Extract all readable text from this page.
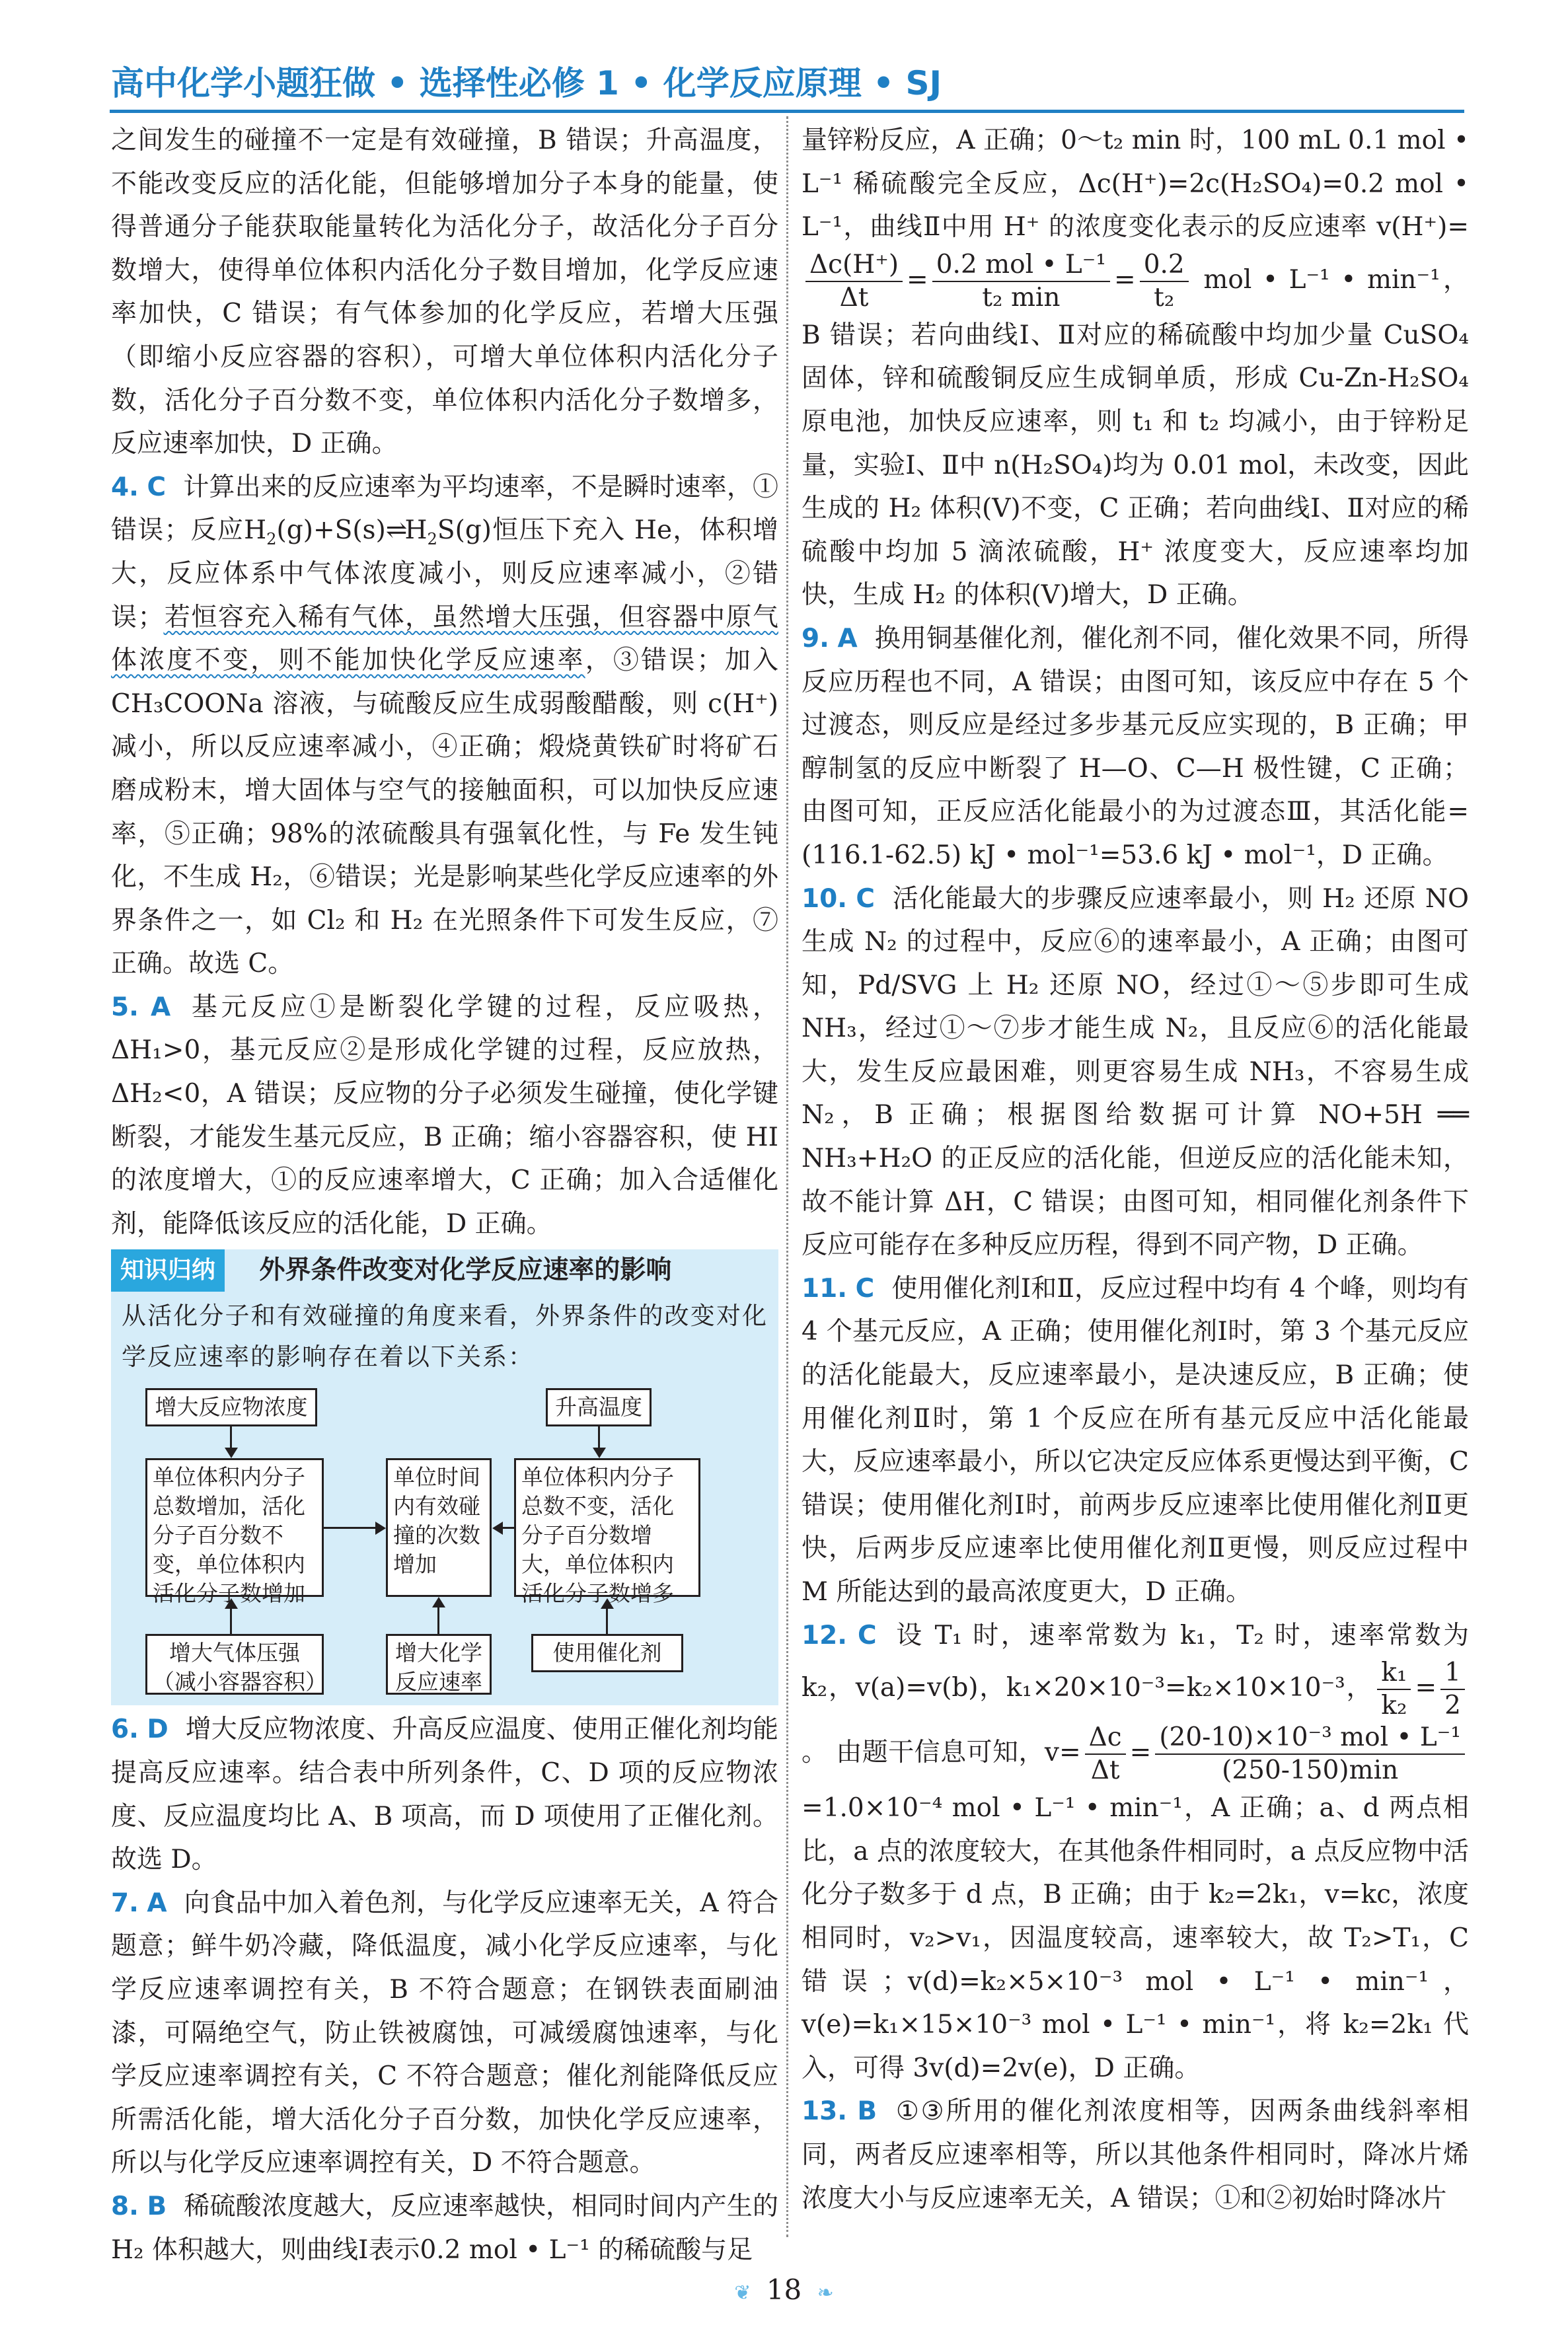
高中化学小题狂做 • 选择性必修 1 • 化学反应原理 • SJ

之间发生的碰撞不一定是有效碰撞，B 错误；升高温度，不能改变反应的活化能，但能够增加分子本身的能量，使得普通分子能获取能量转化为活化分子，故活化分子百分数增大，使得单位体积内活化分子数目增加，化学反应速率加快，C 错误；有气体参加的化学反应，若增大压强（即缩小反应容器的容积），可增大单位体积内活化分子数，活化分子百分数不变，单位体积内活化分子数增多，反应速率加快，D 正确。

4. C 计算出来的反应速率为平均速率，不是瞬时速率，①错误；反应$H_2(g)+S(s)\rightleftharpoons H_2S(g)$恒压下充入 He，体积增大，反应体系中气体浓度减小，则反应速率减小，②错误；若恒容充入稀有气体，虽然增大压强，但容器中原气体浓度不变，则不能加快化学反应速率，③错误；加入 CH₃COONa 溶液，与硫酸反应生成弱酸醋酸，则 c(H⁺)减小，所以反应速率减小，④正确；煅烧黄铁矿时将矿石磨成粉末，增大固体与空气的接触面积，可以加快反应速率，⑤正确；98%的浓硫酸具有强氧化性，与 Fe 发生钝化，不生成 H₂，⑥错误；光是影响某些化学反应速率的外界条件之一，如 Cl₂ 和 H₂ 在光照条件下可发生反应，⑦正确。故选 C。

5. A 基元反应①是断裂化学键的过程，反应吸热，ΔH₁>0，基元反应②是形成化学键的过程，反应放热，ΔH₂<0，A 错误；反应物的分子必须发生碰撞，使化学键断裂，才能发生基元反应，B 正确；缩小容器容积，使 HI 的浓度增大，①的反应速率增大，C 正确；加入合适催化剂，能降低该反应的活化能，D 正确。

知识归纳 外界条件改变对化学反应速率的影响
从活化分子和有效碰撞的角度来看，外界条件的改变对化学反应速率的影响存在着以下关系：
增大反应物浓度	升高温度
单位体积内分子总数增加，活化分子百分数不变，单位体积内活化分子数增加
单位时间内有效碰撞的次数增加
单位体积内分子总数不变，活化分子百分数增大，单位体积内活化分子数增多
增大气体压强（减小容器容积）
增大化学反应速率
使用催化剂

6. D 增大反应物浓度、升高反应温度、使用正催化剂均能提高反应速率。结合表中所列条件，C、D 项的反应物浓度、反应温度均比 A、B 项高，而 D 项使用了正催化剂。故选 D。

7. A 向食品中加入着色剂，与化学反应速率无关，A 符合题意；鲜牛奶冷藏，降低温度，减小化学反应速率，与化学反应速率调控有关，B 不符合题意；在钢铁表面刷油漆，可隔绝空气，防止铁被腐蚀，可减缓腐蚀速率，与化学反应速率调控有关，C 不符合题意；催化剂能降低反应所需活化能，增大活化分子百分数，加快化学反应速率，所以与化学反应速率调控有关，D 不符合题意。

8. B 稀硫酸浓度越大，反应速率越快，相同时间内产生的 H₂ 体积越大，则曲线Ⅰ表示0.2 mol • L⁻¹ 的稀硫酸与足

量锌粉反应，A 正确；0～t₂ min 时，100 mL 0.1 mol • L⁻¹ 稀硫酸完全反应，Δc(H⁺)=2c(H₂SO₄)=0.2 mol • L⁻¹，曲线Ⅱ中用 H⁺ 的浓度变化表示的反应速率 v(H⁺)=
$\frac{\Delta c(H^+)}{\Delta t} = \frac{\text{0.2 mol • L⁻¹}}{\text{t₂ min}} = \frac{0.2}{\text{t₂}}$ mol • L⁻¹ • min⁻¹，B 错误；若向曲线Ⅰ、Ⅱ对应的稀硫酸中均加少量 CuSO₄ 固体，锌和硫酸铜反应生成铜单质，形成 Cu-Zn-H₂SO₄ 原电池，加快反应速率，则 t₁ 和 t₂ 均减小，由于锌粉足量，实验Ⅰ、Ⅱ中 n(H₂SO₄)均为 0.01 mol，未改变，因此生成的 H₂ 体积(V)不变，C 正确；若向曲线Ⅰ、Ⅱ对应的稀硫酸中均加 5 滴浓硫酸，H⁺ 浓度变大，反应速率均加快，生成 H₂ 的体积(V)增大，D 正确。

9. A 换用铜基催化剂，催化剂不同，催化效果不同，所得反应历程也不同，A 错误；由图可知，该反应中存在 5 个过渡态，则反应是经过多步基元反应实现的，B 正确；甲醇制氢的反应中断裂了 H—O、C—H 极性键，C 正确；由图可知，正反应活化能最小的为过渡态Ⅲ，其活化能=(116.1-62.5) kJ • mol⁻¹=53.6 kJ • mol⁻¹，D 正确。

10. C 活化能最大的步骤反应速率最小，则 H₂ 还原 NO 生成 N₂ 的过程中，反应⑥的速率最小，A 正确；由图可知，Pd/SVG 上 H₂ 还原 NO，经过①～⑤步即可生成 NH₃，经过①～⑦步才能生成 N₂，且反应⑥的活化能最大，发生反应最困难，则更容易生成 NH₃，不容易生成 N₂，B 正确；根据图给数据可计算 NO+5H ══ NH₃+H₂O 的正反应的活化能，但逆反应的活化能未知，故不能计算 ΔH，C 错误；由图可知，相同催化剂条件下反应可能存在多种反应历程，得到不同产物，D 正确。

11. C 使用催化剂Ⅰ和Ⅱ，反应过程中均有 4 个峰，则均有 4 个基元反应，A 正确；使用催化剂Ⅰ时，第 3 个基元反应的活化能最大，反应速率最小，是决速反应，B 正确；使用催化剂Ⅱ时，第 1 个反应在所有基元反应中活化能最大，反应速率最小，所以它决定反应体系更慢达到平衡，C 错误；使用催化剂Ⅰ时，前两步反应速率比使用催化剂Ⅱ更快，后两步反应速率比使用催化剂Ⅱ更慢，则反应过程中 M 所能达到的最高浓度更大，D 正确。

12. C 设 T₁ 时，速率常数为 k₁，T₂ 时，速率常数为 k₂，v(a)=v(b)，k₁×20×10⁻³=k₂×10×10⁻³， $\frac{\text{k₁}}{\text{k₂}} = \frac{1}{2}$
。 由题干信息可知，$v= \frac{\Delta c}{\Delta t} = \frac{\text{(20-10)×10⁻³ mol • L⁻¹}}{(250-150)\min}$
=1.0×10⁻⁴ mol • L⁻¹ • min⁻¹，A 正确；a、d 两点相比，a 点的浓度较大，在其他条件相同时，a 点反应物中活化分子数多于 d 点，B 正确；由于 k₂=2k₁，v=kc，浓度相同时，v₂>v₁，因温度较高，速率较大，故 T₂>T₁，C 错误；v(d)=k₂×5×10⁻³ mol • L⁻¹ • min⁻¹，v(e)=k₁×15×10⁻³ mol • L⁻¹ • min⁻¹，将 k₂=2k₁ 代入，可得 3v(d)=2v(e)，D 正确。

13. B ①③所用的催化剂浓度相等，因两条曲线斜率相同，两者反应速率相等，所以其他条件相同时，降冰片烯浓度大小与反应速率无关，A 错误；①和②初始时降冰片

❦ 18 ❧
